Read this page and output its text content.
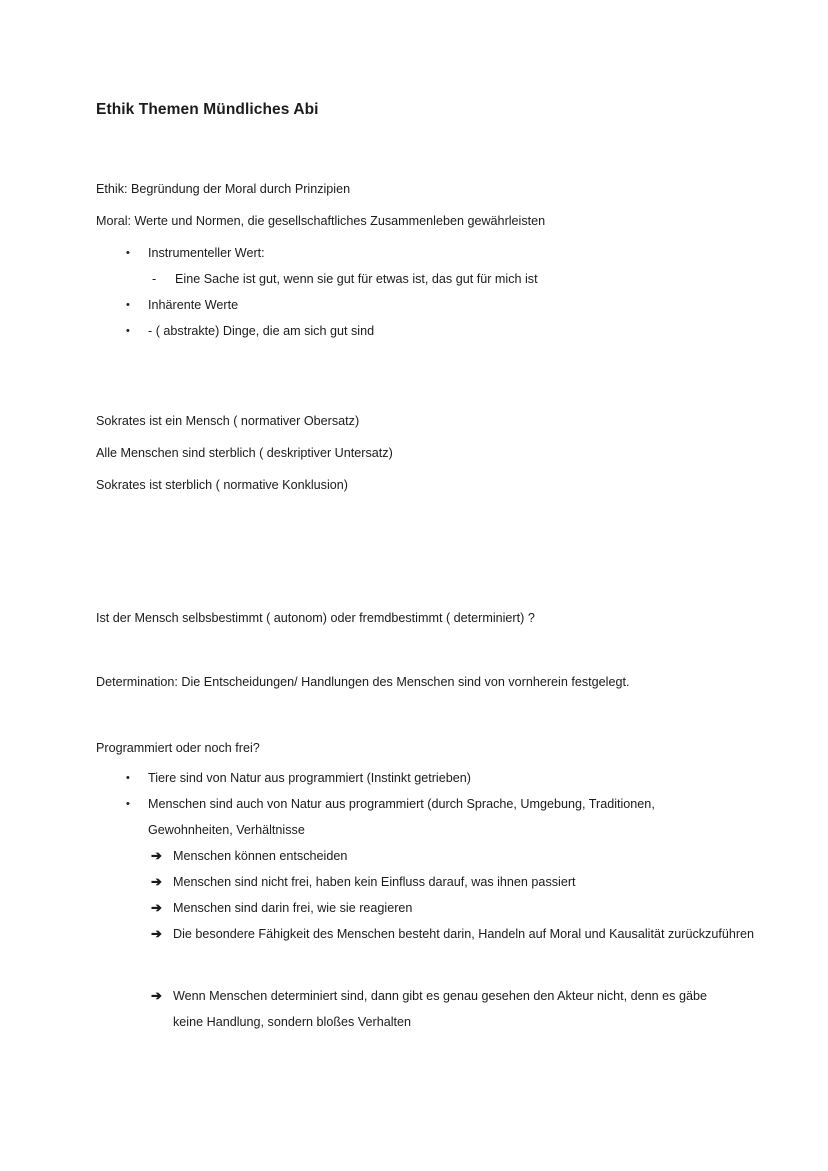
Ethik Themen Mündliches Abi
Ethik: Begründung der Moral durch Prinzipien
Moral: Werte und Normen, die gesellschaftliches Zusammenleben gewährleisten
• Instrumenteller Wert:
- Eine Sache ist gut, wenn sie gut für etwas ist, das gut für mich ist
• Inhärente Werte
• - ( abstrakte) Dinge, die am sich gut sind
Sokrates ist ein Mensch ( normativer Obersatz)
Alle Menschen sind sterblich ( deskriptiver Untersatz)
Sokrates ist sterblich ( normative Konklusion)
Ist der Mensch selbsbestimmt ( autonom) oder fremdbestimmt ( determiniert) ?
Determination: Die Entscheidungen/ Handlungen des Menschen sind von vornherein festgelegt.
Programmiert oder noch frei?
• Tiere sind von Natur aus programmiert (Instinkt getrieben)
• Menschen sind auch von Natur aus programmiert (durch Sprache, Umgebung, Traditionen, Gewohnheiten, Verhältnisse
➔ Menschen können entscheiden
➔ Menschen sind nicht frei, haben kein Einfluss darauf, was ihnen passiert
➔ Menschen sind darin frei, wie sie reagieren
➔ Die besondere Fähigkeit des Menschen besteht darin, Handeln auf Moral und Kausalität zurückzuführen
➔ Wenn Menschen determiniert sind, dann gibt es genau gesehen den Akteur nicht, denn es gäbe keine Handlung, sondern bloßes Verhalten
